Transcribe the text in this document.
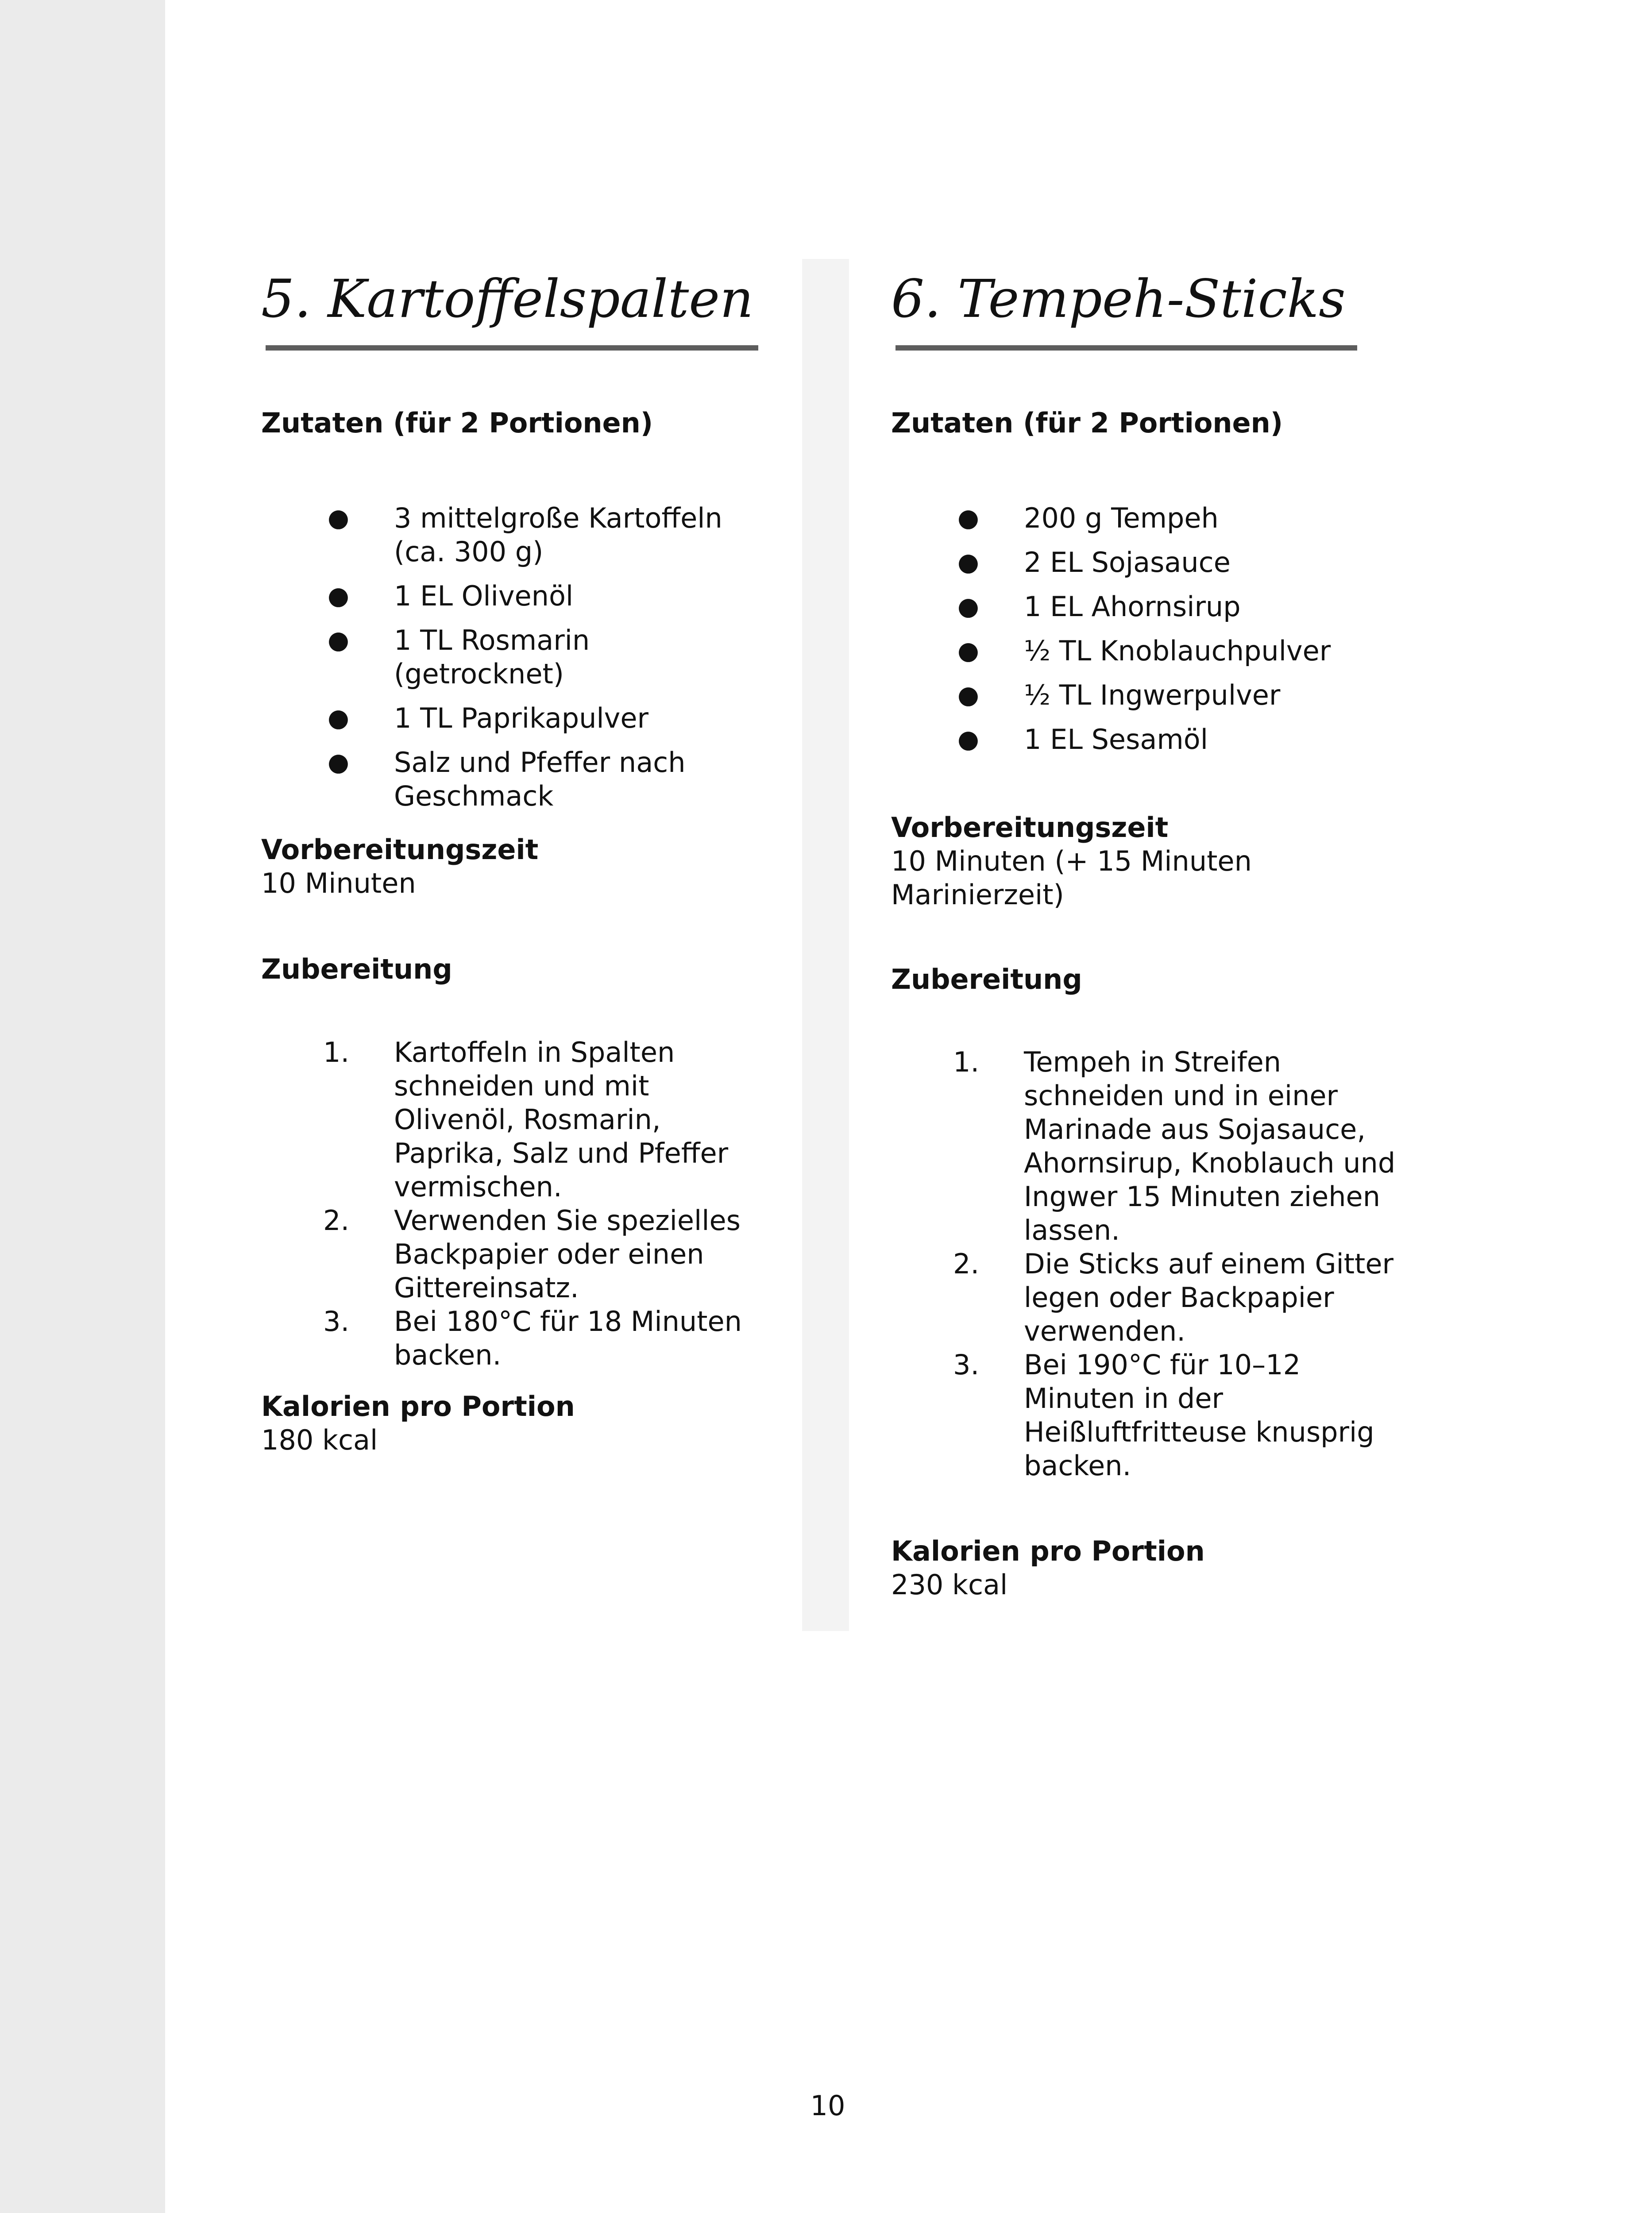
5. Kartoffelspalten
Zutaten (für 2 Portionen)
●	3 mittelgroße Kartoffeln (ca. 300 g)
●	1 EL Olivenöl
●	1 TL Rosmarin (getrocknet)
●	1 TL Paprikapulver
●	Salz und Pfeffer nach Geschmack
Vorbereitungszeit

10 Minuten

Zubereitung
1.	Kartoffeln in Spalten schneiden und mit Olivenöl, Rosmarin, Paprika, Salz und Pfeffer vermischen.
2.	Verwenden Sie spezielles Backpapier oder einen Gittereinsatz.
3.	Bei 180°C für 18 Minuten backen.
Kalorien pro Portion

180 kcal

6. Tempeh-Sticks
Zutaten (für 2 Portionen)
●	200 g Tempeh
●	2 EL Sojasauce
●	1 EL Ahornsirup
●	½ TL Knoblauchpulver
●	½ TL Ingwerpulver
●	1 EL Sesamöl
Vorbereitungszeit

10 Minuten (+ 15 Minuten Marinierzeit)

Zubereitung
1.	Tempeh in Streifen schneiden und in einer Marinade aus Sojasauce, Ahornsirup, Knoblauch und Ingwer 15 Minuten ziehen lassen.
2.	Die Sticks auf einem Gitter legen oder Backpapier verwenden.
3.	Bei 190°C für 10–12 Minuten in der Heißluftfritteuse knusprig backen.
Kalorien pro Portion

230 kcal

10
